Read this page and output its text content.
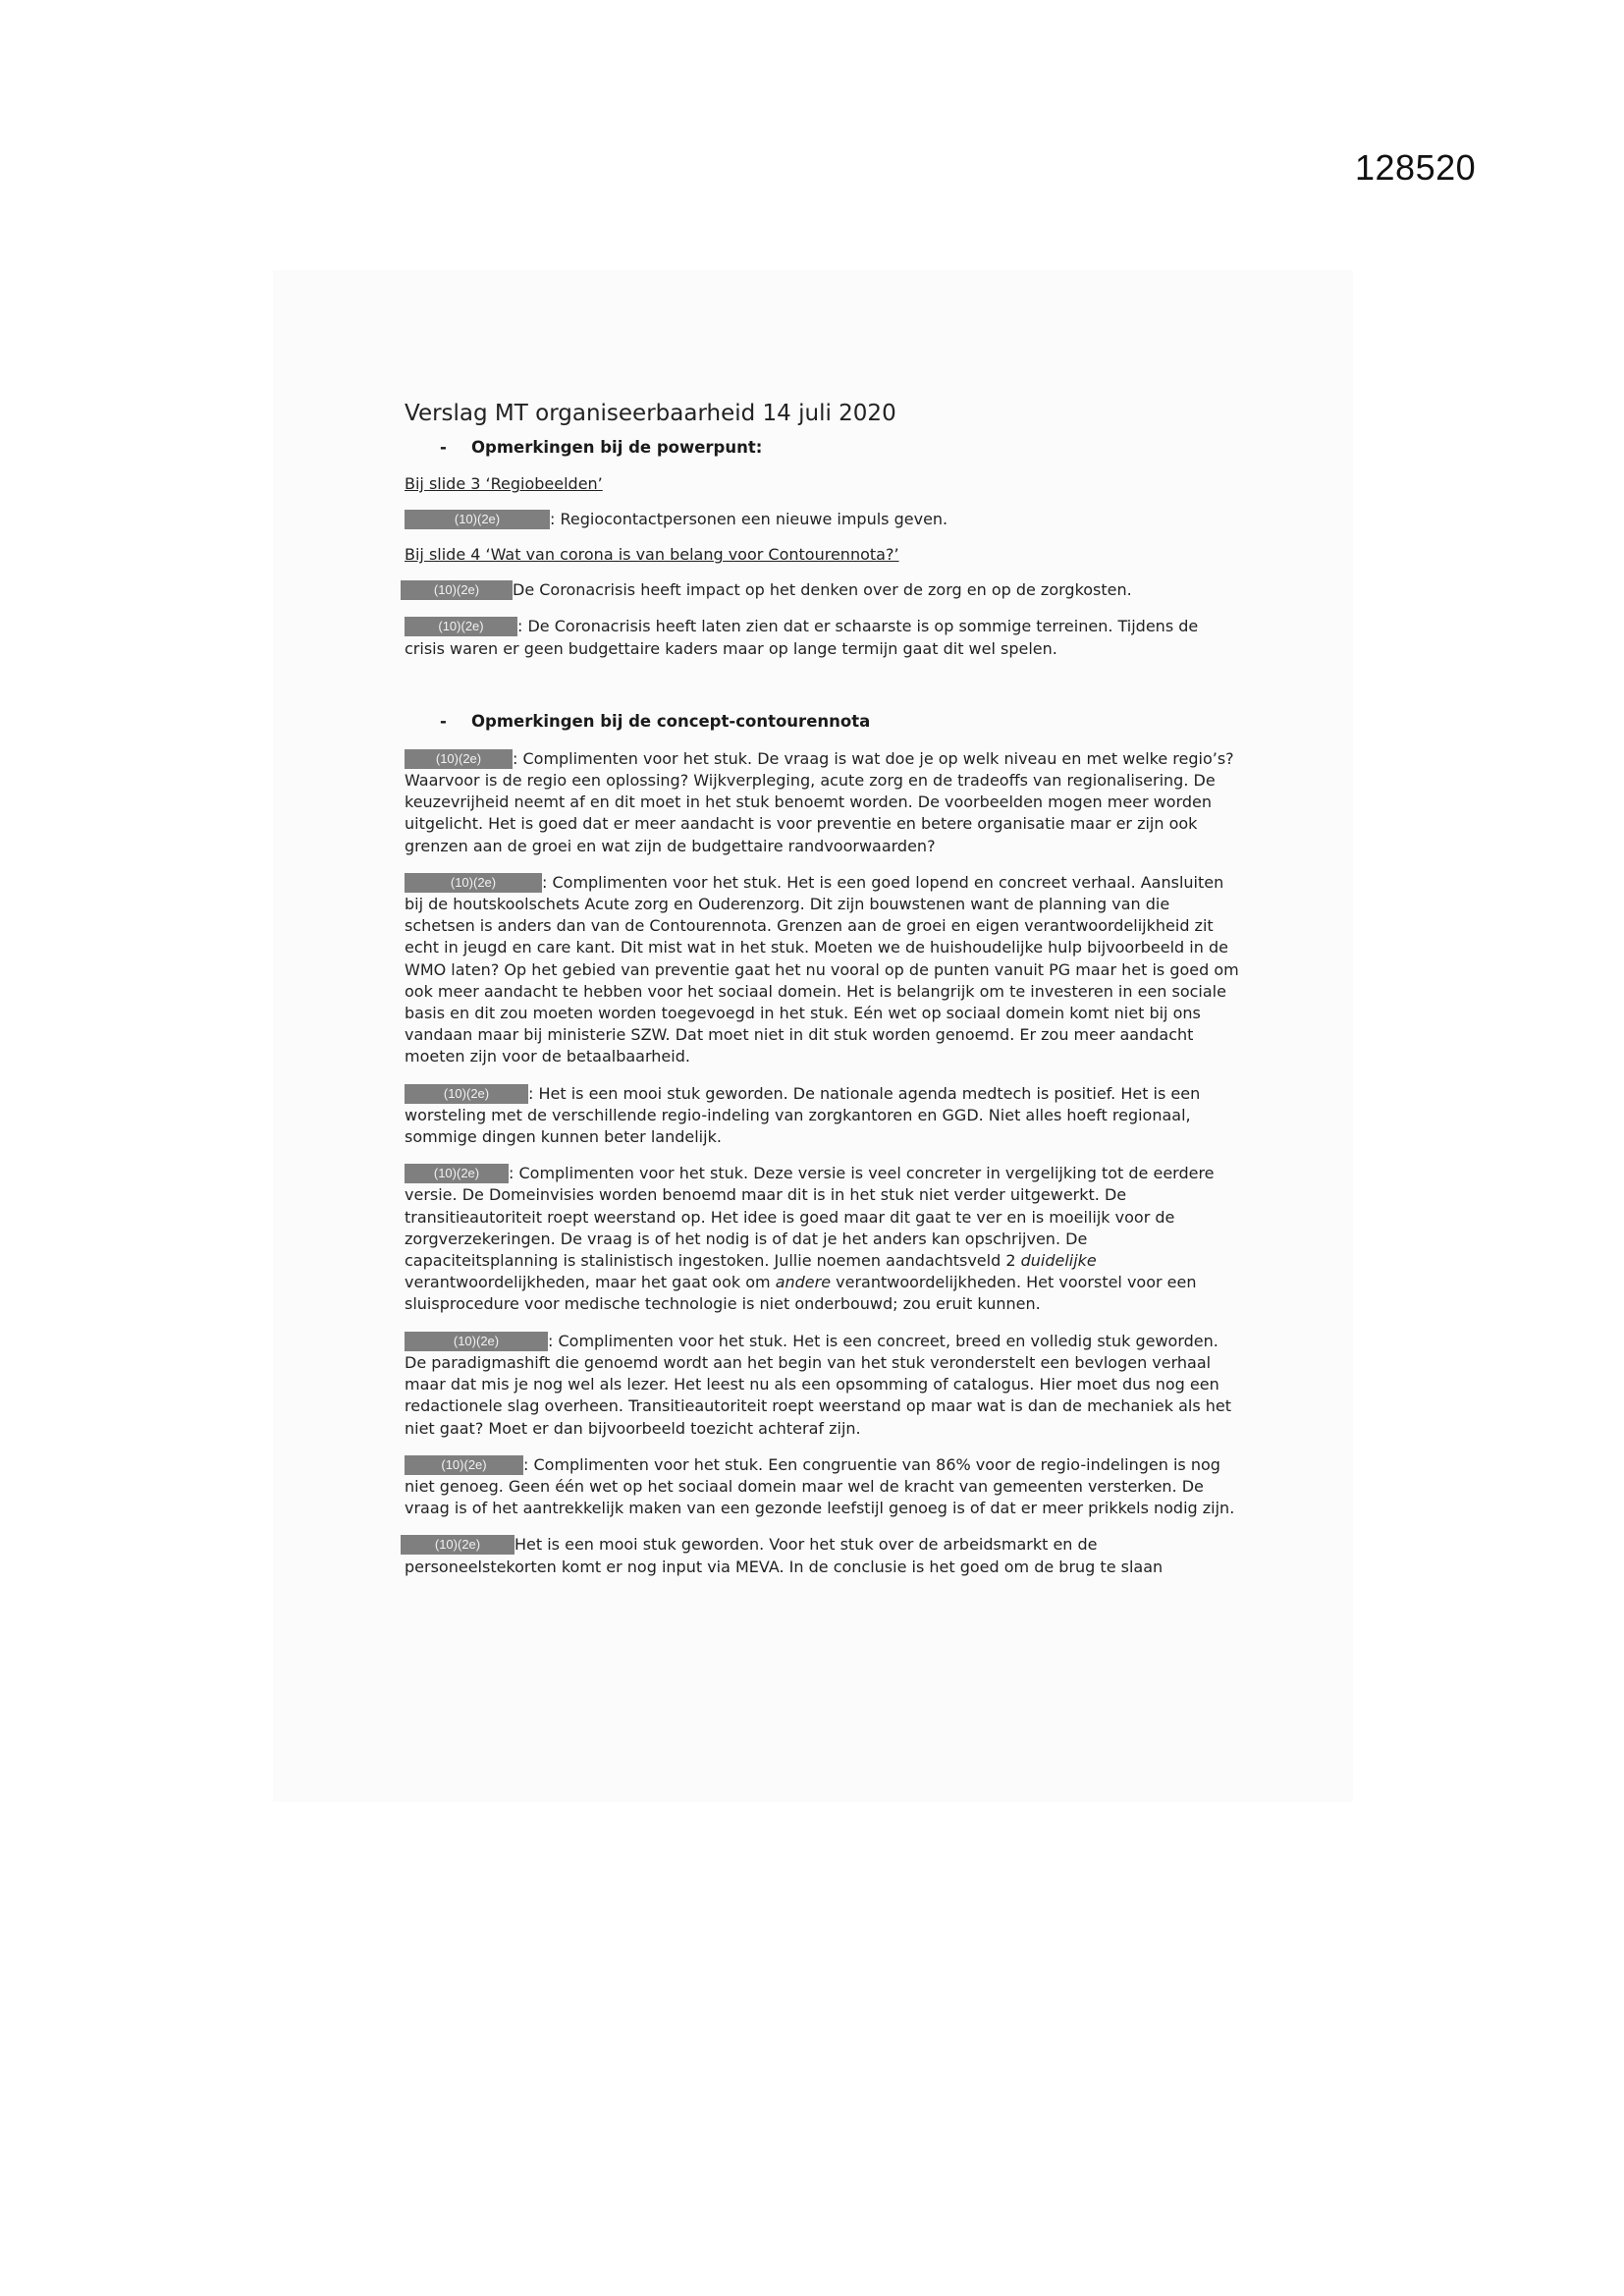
128520
Verslag MT organiseerbaarheid 14 juli 2020
- Opmerkingen bij de powerpunt:
Bij slide 3 ‘Regiobeelden’

(10)(2e)	: Regiocontactpersonen een nieuwe impuls geven.

Bij slide 4 ‘Wat van corona is van belang voor Contourennota?’

(10)(2e) De Coronacrisis heeft impact op het denken over de zorg en op de zorgkosten.

(10)(2e) : De Coronacrisis heeft laten zien dat er schaarste is op sommige terreinen. Tijdens de crisis waren er geen budgettaire kaders maar op lange termijn gaat dit wel spelen.

- Opmerkingen bij de concept-contourennota

(10)(2e) : Complimenten voor het stuk. De vraag is wat doe je op welk niveau en met welke regio’s? Waarvoor is de regio een oplossing? Wijkverpleging, acute zorg en de tradeoffs van regionalisering. De keuzevrijheid neemt af en dit moet in het stuk benoemt worden. De voorbeelden mogen meer worden uitgelicht. Het is goed dat er meer aandacht is voor preventie en betere organisatie maar er zijn ook grenzen aan de groei en wat zijn de budgettaire randvoorwaarden?

(10)(2e)	: Complimenten voor het stuk. Het is een goed lopend en concreet verhaal. Aansluiten bij de houtskoolschets Acute zorg en Ouderenzorg. Dit zijn bouwstenen want de planning van die schetsen is anders dan van de Contourennota. Grenzen aan de groei en eigen verantwoordelijkheid zit echt in jeugd en care kant. Dit mist wat in het stuk. Moeten we de huishoudelijke hulp bijvoorbeeld in de WMO laten? Op het gebied van preventie gaat het nu vooral op de punten vanuit PG maar het is goed om ook meer aandacht te hebben voor het sociaal domein. Het is belangrijk om te investeren in een sociale basis en dit zou moeten worden toegevoegd in het stuk. Eén wet op sociaal domein komt niet bij ons vandaan maar bij ministerie SZW. Dat moet niet in dit stuk worden genoemd. Er zou meer aandacht moeten zijn voor de betaalbaarheid.

(10)(2e) : Het is een mooi stuk geworden. De nationale agenda medtech is positief. Het is een worsteling met de verschillende regio-indeling van zorgkantoren en GGD. Niet alles hoeft regionaal, sommige dingen kunnen beter landelijk.

(10)(2e) : Complimenten voor het stuk. Deze versie is veel concreter in vergelijking tot de eerdere versie. De Domeinvisies worden benoemd maar dit is in het stuk niet verder uitgewerkt. De transitieautoriteit roept weerstand op. Het idee is goed maar dit gaat te ver en is moeilijk voor de zorgverzekeringen. De vraag is of het nodig is of dat je het anders kan opschrijven. De capaciteitsplanning is stalinistisch ingestoken. Jullie noemen aandachtsveld 2 duidelijke verantwoordelijkheden, maar het gaat ook om andere verantwoordelijkheden. Het voorstel voor een sluisprocedure voor medische technologie is niet onderbouwd; zou eruit kunnen.

(10)(2e)	: Complimenten voor het stuk. Het is een concreet, breed en volledig stuk geworden. De paradigmashift die genoemd wordt aan het begin van het stuk veronderstelt een bevlogen verhaal maar dat mis je nog wel als lezer. Het leest nu als een opsomming of catalogus. Hier moet dus nog een redactionele slag overheen. Transitieautoriteit roept weerstand op maar wat is dan de mechaniek als het niet gaat? Moet er dan bijvoorbeeld toezicht achteraf zijn.

(10)(2e) : Complimenten voor het stuk. Een congruentie van 86% voor de regio-indelingen is nog niet genoeg. Geen één wet op het sociaal domein maar wel de kracht van gemeenten versterken. De vraag is of het aantrekkelijk maken van een gezonde leefstijl genoeg is of dat er meer prikkels nodig zijn.

(10)(2e) Het is een mooi stuk geworden. Voor het stuk over de arbeidsmarkt en de personeelstekorten komt er nog input via MEVA. In de conclusie is het goed om de brug te slaan
